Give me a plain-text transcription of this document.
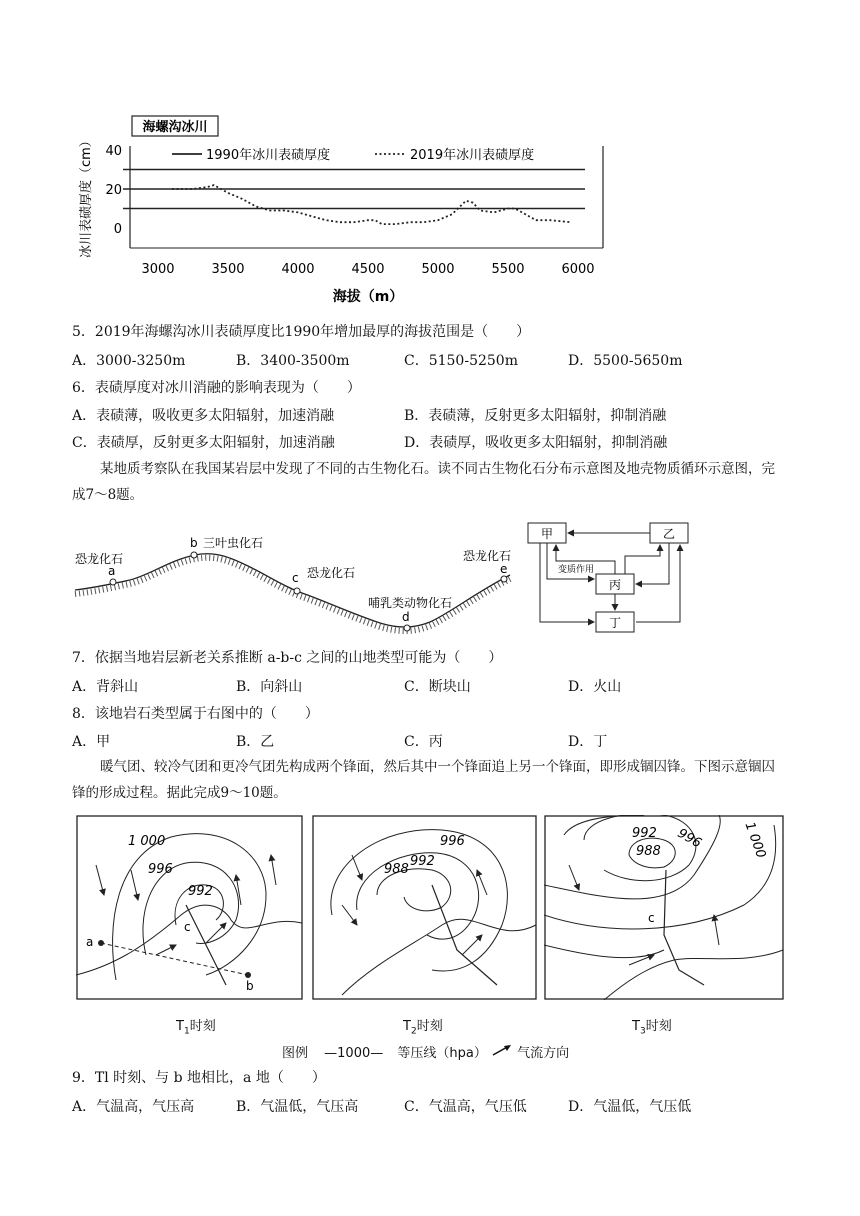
海螺沟冰川
冰川表碛厚度（cm） 40
20
0
1990年冰川表碛厚度	2019年冰川表碛厚度
3000	3500	4000	4500	5000	5500	6000
海拔（m）
5．2019年海螺沟冰川表碛厚度比1990年增加最厚的海拔范围是（　　）
A．3000-3250m	B．3400-3500m	C．5150-5250m	D．5500-5650m
6．表碛厚度对冰川消融的影响表现为（　　）
A．表碛薄，吸收更多太阳辐射，加速消融	B．表碛薄，反射更多太阳辐射，抑制消融
C．表碛厚，反射更多太阳辐射，加速消融	D．表碛厚，吸收更多太阳辐射，抑制消融
某地质考察队在我国某岩层中发现了不同的古生物化石。读不同古生物化石分布示意图及地壳物质循环示意图，完成7～8题。
恐龙化石
a
b 三叶虫化石
c 恐龙化石
哺乳类动物化石
d
恐龙化石
e
甲	乙
丙
丁
变质作用
7．依据当地岩层新老关系推断 a-b-c 之间的山地类型可能为（　　）
A．背斜山	B．向斜山	C．断块山	D．火山
8．该地岩石类型属于右图中的（　　）
A．甲	B．乙	C．丙	D．丁
暖气团、较冷气团和更冷气团先构成两个锋面，然后其中一个锋面追上另一个锋面，即形成锢囚锋。下图示意锢囚锋的形成过程。据此完成9～10题。
a
b
c
1 000
996
992
996
992
988
992 996	1 000
988
c
$T_1$时刻	$T_2$时刻	$T_3$时刻
图例 —1000— 等压线（hpa） 气流方向
9．Tl 时刻、与 b 地相比，a 地（　　）
A．气温高，气压高	B．气温低，气压高	C．气温高，气压低	D．气温低，气压低
